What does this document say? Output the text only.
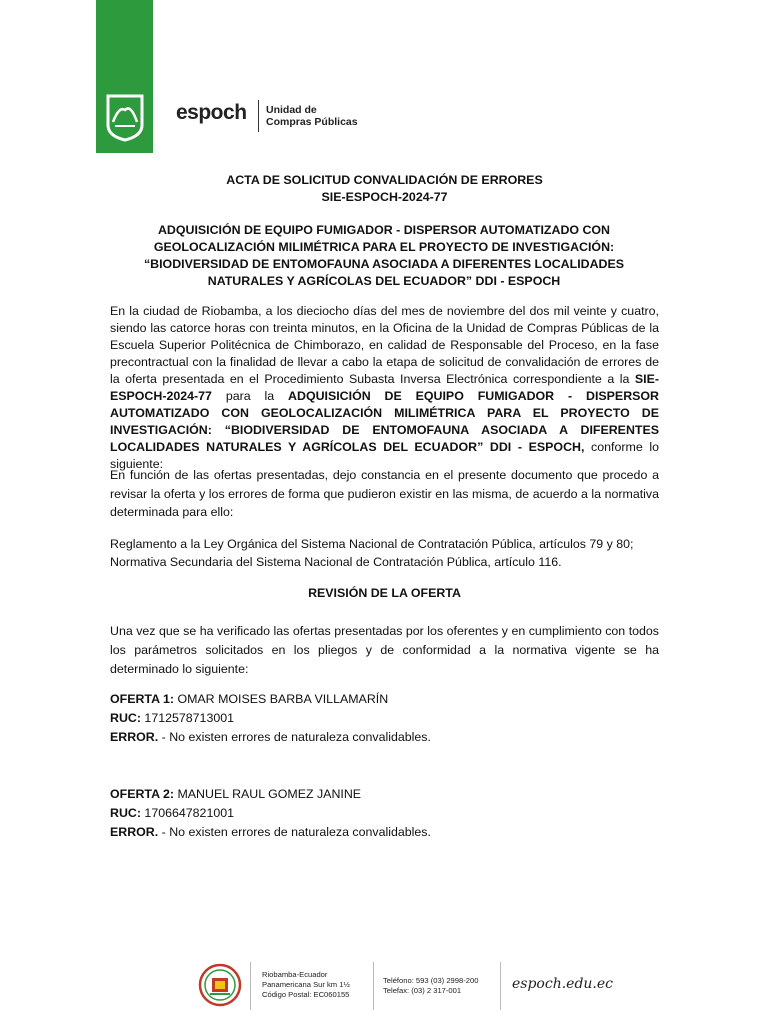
espoch Unidad de
Compras Públicas

ACTA DE SOLICITUD CONVALIDACIÓN DE ERRORES

SIE-ESPOCH-2024-77

ADQUISICIÓN DE EQUIPO FUMIGADOR - DISPERSOR AUTOMATIZADO CON GEOLOCALIZACIÓN MILIMÉTRICA PARA EL PROYECTO DE INVESTIGACIÓN: “BIODIVERSIDAD DE ENTOMOFAUNA ASOCIADA A DIFERENTES LOCALIDADES NATURALES Y AGRÍCOLAS DEL ECUADOR” DDI - ESPOCH

En la ciudad de Riobamba, a los dieciocho días del mes de noviembre del dos mil veinte y cuatro, siendo las catorce horas con treinta minutos, en la Oficina de la Unidad de Compras Públicas de la Escuela Superior Politécnica de Chimborazo, en calidad de Responsable del Proceso, en la fase precontractual con la finalidad de llevar a cabo la etapa de solicitud de convalidación de errores de la oferta presentada en el Procedimiento Subasta Inversa Electrónica correspondiente a la SIE-ESPOCH-2024-77 para la ADQUISICIÓN DE EQUIPO FUMIGADOR - DISPERSOR AUTOMATIZADO CON GEOLOCALIZACIÓN MILIMÉTRICA PARA EL PROYECTO DE INVESTIGACIÓN: “BIODIVERSIDAD DE ENTOMOFAUNA ASOCIADA A DIFERENTES LOCALIDADES NATURALES Y AGRÍCOLAS DEL ECUADOR” DDI - ESPOCH, conforme lo siguiente:

En función de las ofertas presentadas, dejo constancia en el presente documento que procedo a revisar la oferta y los errores de forma que pudieron existir en las misma, de acuerdo a la normativa determinada para ello:

Reglamento a la Ley Orgánica del Sistema Nacional de Contratación Pública, artículos 79 y 80; Normativa Secundaria del Sistema Nacional de Contratación Pública, artículo 116.

REVISIÓN DE LA OFERTA

Una vez que se ha verificado las ofertas presentadas por los oferentes y en cumplimiento con todos los parámetros solicitados en los pliegos y de conformidad a la normativa vigente se ha determinado lo siguiente:

OFERTA 1: OMAR MOISES BARBA VILLAMARÍN

RUC: 1712578713001

ERROR. - No existen errores de naturaleza convalidables.

OFERTA 2: MANUEL RAUL GOMEZ JANINE

RUC: 1706647821001

ERROR. - No existen errores de naturaleza convalidables.

Riobamba-Ecuador
Panamericana Sur km 1½
Código Postal: EC060155
Teléfono: 593 (03) 2998-200
Telefax: (03) 2 317-001	espoch.edu.ec
